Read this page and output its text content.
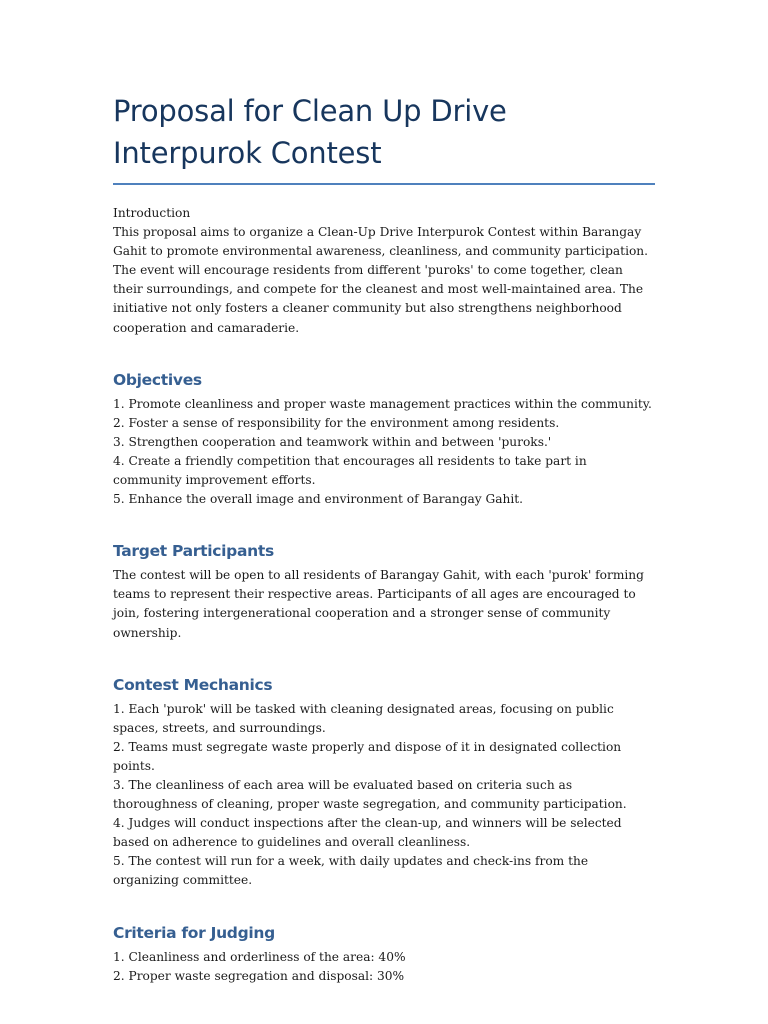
Proposal for Clean Up Drive Interpurok Contest

Introduction

This proposal aims to organize a Clean-Up Drive Interpurok Contest within Barangay Gahit to promote environmental awareness, cleanliness, and community participation. The event will encourage residents from different 'puroks' to come together, clean their surroundings, and compete for the cleanest and most well-maintained area. The initiative not only fosters a cleaner community but also strengthens neighborhood cooperation and camaraderie.

Objectives

1. Promote cleanliness and proper waste management practices within the community.
2. Foster a sense of responsibility for the environment among residents.
3. Strengthen cooperation and teamwork within and between 'puroks.'
4. Create a friendly competition that encourages all residents to take part in community improvement efforts.
5. Enhance the overall image and environment of Barangay Gahit.

Target Participants

The contest will be open to all residents of Barangay Gahit, with each 'purok' forming teams to represent their respective areas. Participants of all ages are encouraged to join, fostering intergenerational cooperation and a stronger sense of community ownership.

Contest Mechanics

1. Each 'purok' will be tasked with cleaning designated areas, focusing on public spaces, streets, and surroundings.
2. Teams must segregate waste properly and dispose of it in designated collection points.
3. The cleanliness of each area will be evaluated based on criteria such as thoroughness of cleaning, proper waste segregation, and community participation.
4. Judges will conduct inspections after the clean-up, and winners will be selected based on adherence to guidelines and overall cleanliness.
5. The contest will run for a week, with daily updates and check-ins from the organizing committee.

Criteria for Judging

1. Cleanliness and orderliness of the area: 40%
2. Proper waste segregation and disposal: 30%
